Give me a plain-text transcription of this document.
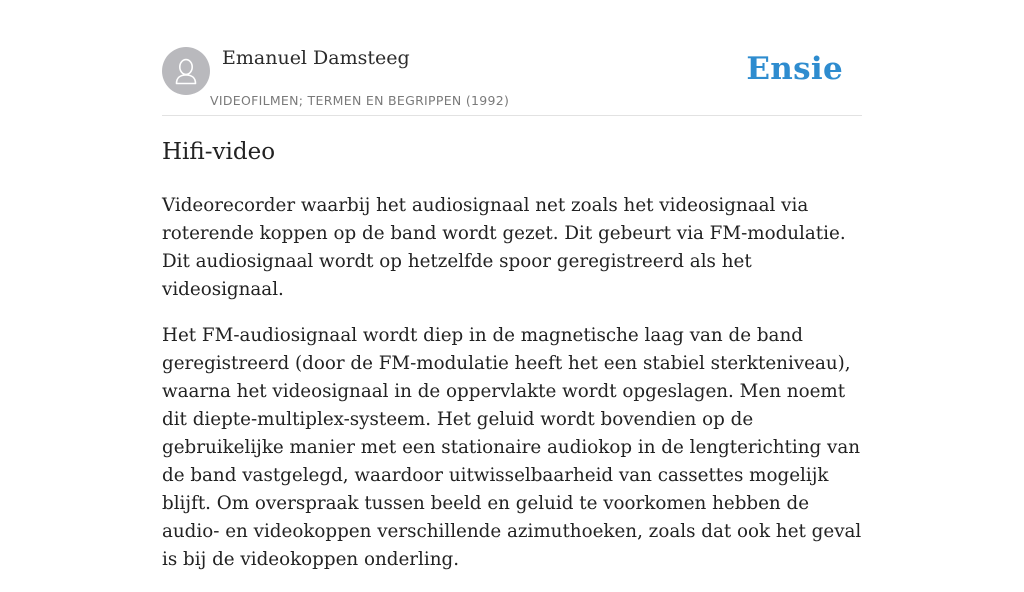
Emanuel Damsteeg
VIDEOFILMEN; TERMEN EN BEGRIPPEN (1992)
Ensie
Hifi-video

Videorecorder waarbij het audiosignaal net zoals het videosignaal via roterende koppen op de band wordt gezet. Dit gebeurt via FM-modulatie. Dit audiosignaal wordt op hetzelfde spoor geregistreerd als het videosignaal.

Het FM-audiosignaal wordt diep in de magnetische laag van de band geregistreerd (door de FM-modulatie heeft het een stabiel sterkteniveau), waarna het videosignaal in de oppervlakte wordt opgeslagen. Men noemt dit diepte-multiplex-systeem. Het geluid wordt bovendien op de gebruikelijke manier met een stationaire audiokop in de lengterichting van de band vastgelegd, waardoor uitwisselbaarheid van cassettes mogelijk blijft. Om overspraak tussen beeld en geluid te voorkomen hebben de audio- en videokoppen verschillende azimuthoeken, zoals dat ook het geval is bij de videokoppen onderling.
